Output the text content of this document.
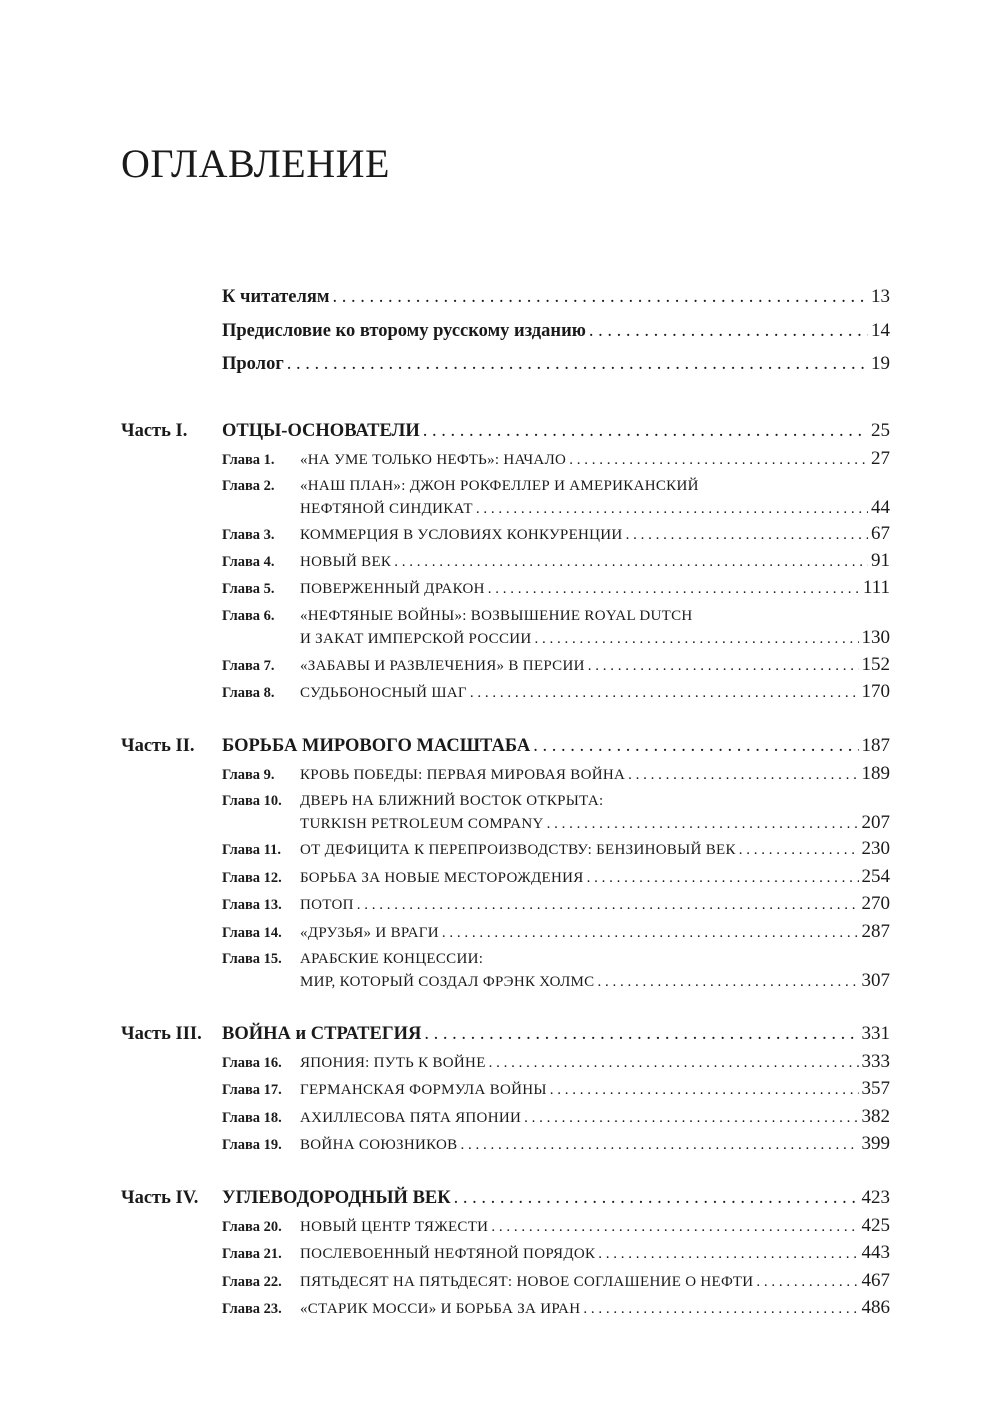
ОГЛАВЛЕНИЕ
К читателям . . .	13
Предисловие ко второму русскому изданию . . .	14
Пролог . . .	19
Часть I.	ОТЦЫ-ОСНОВАТЕЛИ . . .	25
Глава 1.	«НА УМЕ ТОЛЬКО НЕФТЬ»: НАЧАЛО . . .	27
Глава 2.	«НАШ ПЛАН»: ДЖОН РОКФЕЛЛЕР И АМЕРИКАНСКИЙ
НЕФТЯНОЙ СИНДИКАТ . . .	44
Глава 3.	КОММЕРЦИЯ В УСЛОВИЯХ КОНКУРЕНЦИИ . . .	67
Глава 4.	НОВЫЙ ВЕК . . .	91
Глава 5.	ПОВЕРЖЕННЫЙ ДРАКОН . . .	111
Глава 6.	«НЕФТЯНЫЕ ВОЙНЫ»: ВОЗВЫШЕНИЕ ROYAL DUTCH
И ЗАКАТ ИМПЕРСКОЙ РОССИИ . . .	130
Глава 7.	«ЗАБАВЫ И РАЗВЛЕЧЕНИЯ» В ПЕРСИИ . . .	152
Глава 8.	СУДЬБОНОСНЫЙ ШАГ . . .	170
Часть II.	БОРЬБА МИРОВОГО МАСШТАБА . . .	187
Глава 9.	КРОВЬ ПОБЕДЫ: ПЕРВАЯ МИРОВАЯ ВОЙНА . . .	189
Глава 10.	ДВЕРЬ НА БЛИЖНИЙ ВОСТОК ОТКРЫТА:
TURKISH PETROLEUM COMPANY . . .	207
Глава 11.	ОТ ДЕФИЦИТА К ПЕРЕПРОИЗВОДСТВУ: БЕНЗИНОВЫЙ ВЕК . . .	230
Глава 12.	БОРЬБА ЗА НОВЫЕ МЕСТОРОЖДЕНИЯ . . .	254
Глава 13.	ПОТОП . . .	270
Глава 14.	«ДРУЗЬЯ» И ВРАГИ . . .	287
Глава 15.	АРАБСКИЕ КОНЦЕССИИ:
МИР, КОТОРЫЙ СОЗДАЛ ФРЭНК ХОЛМС . . .	307
Часть III.	ВОЙНА и СТРАТЕГИЯ . . .	331
Глава 16.	ЯПОНИЯ: ПУТЬ К ВОЙНЕ . . .	333
Глава 17.	ГЕРМАНСКАЯ ФОРМУЛА ВОЙНЫ . . .	357
Глава 18.	АХИЛЛЕСОВА ПЯТА ЯПОНИИ . . .	382
Глава 19.	ВОЙНА СОЮЗНИКОВ . . .	399
Часть IV.	УГЛЕВОДОРОДНЫЙ ВЕК . . .	423
Глава 20.	НОВЫЙ ЦЕНТР ТЯЖЕСТИ . . .	425
Глава 21.	ПОСЛЕВОЕННЫЙ НЕФТЯНОЙ ПОРЯДОК . . .	443
Глава 22.	ПЯТЬДЕСЯТ НА ПЯТЬДЕСЯТ: НОВОЕ СОГЛАШЕНИЕ О НЕФТИ . . .	467
Глава 23.	«СТАРИК МОССИ» И БОРЬБА ЗА ИРАН . . .	486
